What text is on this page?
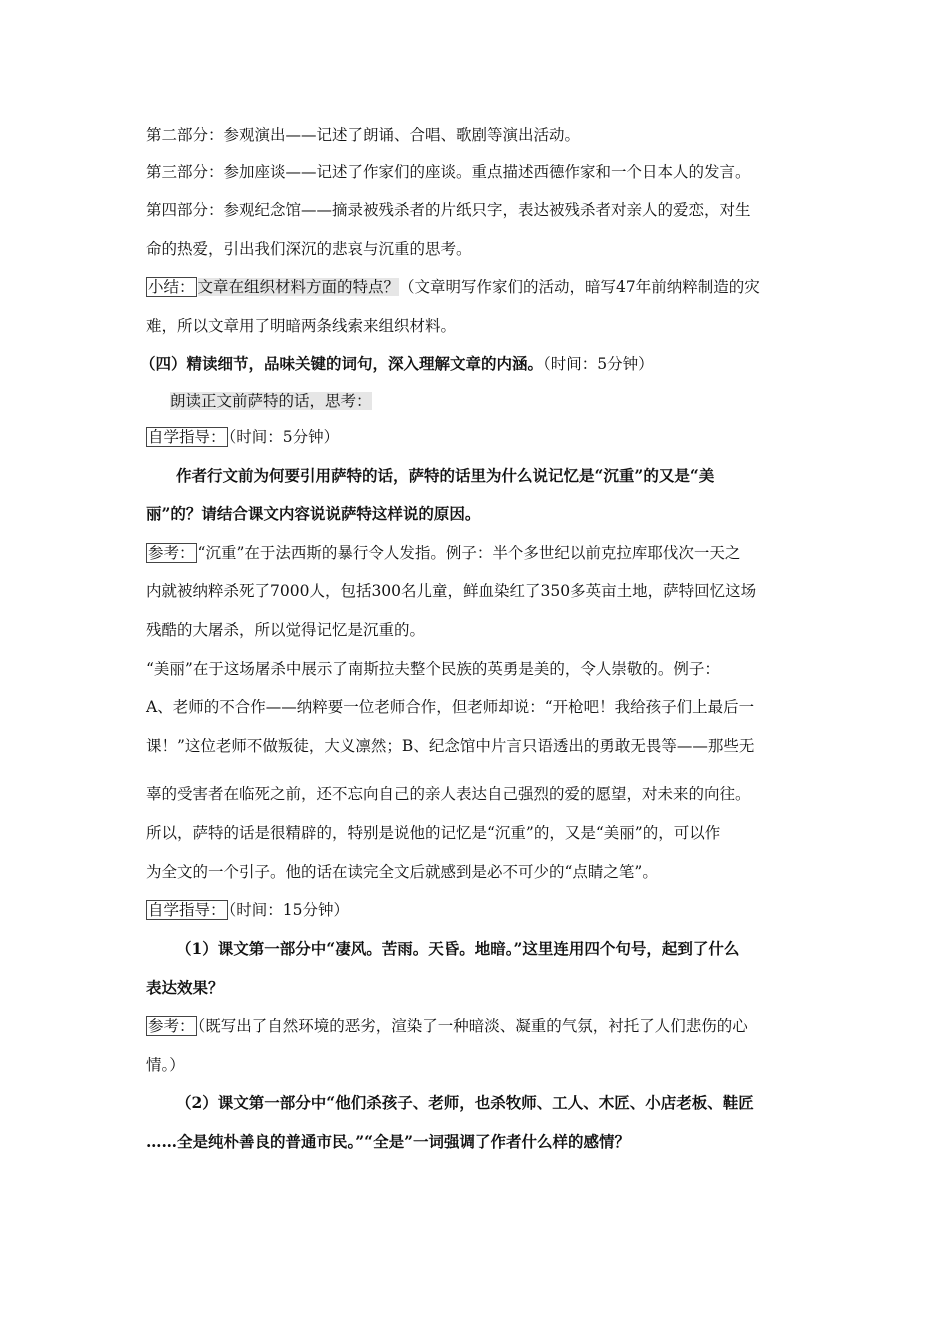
第二部分：参观演出——记述了朗诵、合唱、歌剧等演出活动。
第三部分：参加座谈——记述了作家们的座谈。重点描述西德作家和一个日本人的发言。
第四部分：参观纪念馆——摘录被残杀者的片纸只字，表达被残杀者对亲人的爱恋，对生
命的热爱，引出我们深沉的悲哀与沉重的思考。
小结： 文章在组织材料方面的特点？（文章明写作家们的活动，暗写47年前纳粹制造的灾
难，所以文章用了明暗两条线索来组织材料。
（四）精读细节，品味关键的词句，深入理解文章的内涵。（时间：5分钟）
朗读正文前萨特的话，思考：
自学指导： （时间：5分钟）
作者行文前为何要引用萨特的话，萨特的话里为什么说记忆是“沉重”的又是“美
丽”的？请结合课文内容说说萨特这样说的原因。
参考： “沉重”在于法西斯的暴行令人发指。例子：半个多世纪以前克拉库耶伐次一天之
内就被纳粹杀死了7000人，包括300名儿童，鲜血染红了350多英亩土地，萨特回忆这场
残酷的大屠杀，所以觉得记忆是沉重的。
“美丽”在于这场屠杀中展示了南斯拉夫整个民族的英勇是美的，令人崇敬的。例子：
A、老师的不合作——纳粹要一位老师合作，但老师却说：“开枪吧！我给孩子们上最后一
课！”这位老师不做叛徒，大义凛然；B、纪念馆中片言只语透出的勇敢无畏等——那些无
辜的受害者在临死之前，还不忘向自己的亲人表达自己强烈的爱的愿望，对未来的向往。
所以，萨特的话是很精辟的，特别是说他的记忆是“沉重”的，又是“美丽”的，可以作
为全文的一个引子。他的话在读完全文后就感到是必不可少的“点睛之笔”。
自学指导： （时间：15分钟）
（1）课文第一部分中“凄风。苦雨。天昏。地暗。”这里连用四个句号，起到了什么
表达效果？
参考： （既写出了自然环境的恶劣，渲染了一种暗淡、凝重的气氛，衬托了人们悲伤的心
情。）
（2）课文第一部分中“他们杀孩子、老师，也杀牧师、工人、木匠、小店老板、鞋匠
……全是纯朴善良的普通市民。”“全是”一词强调了作者什么样的感情？
